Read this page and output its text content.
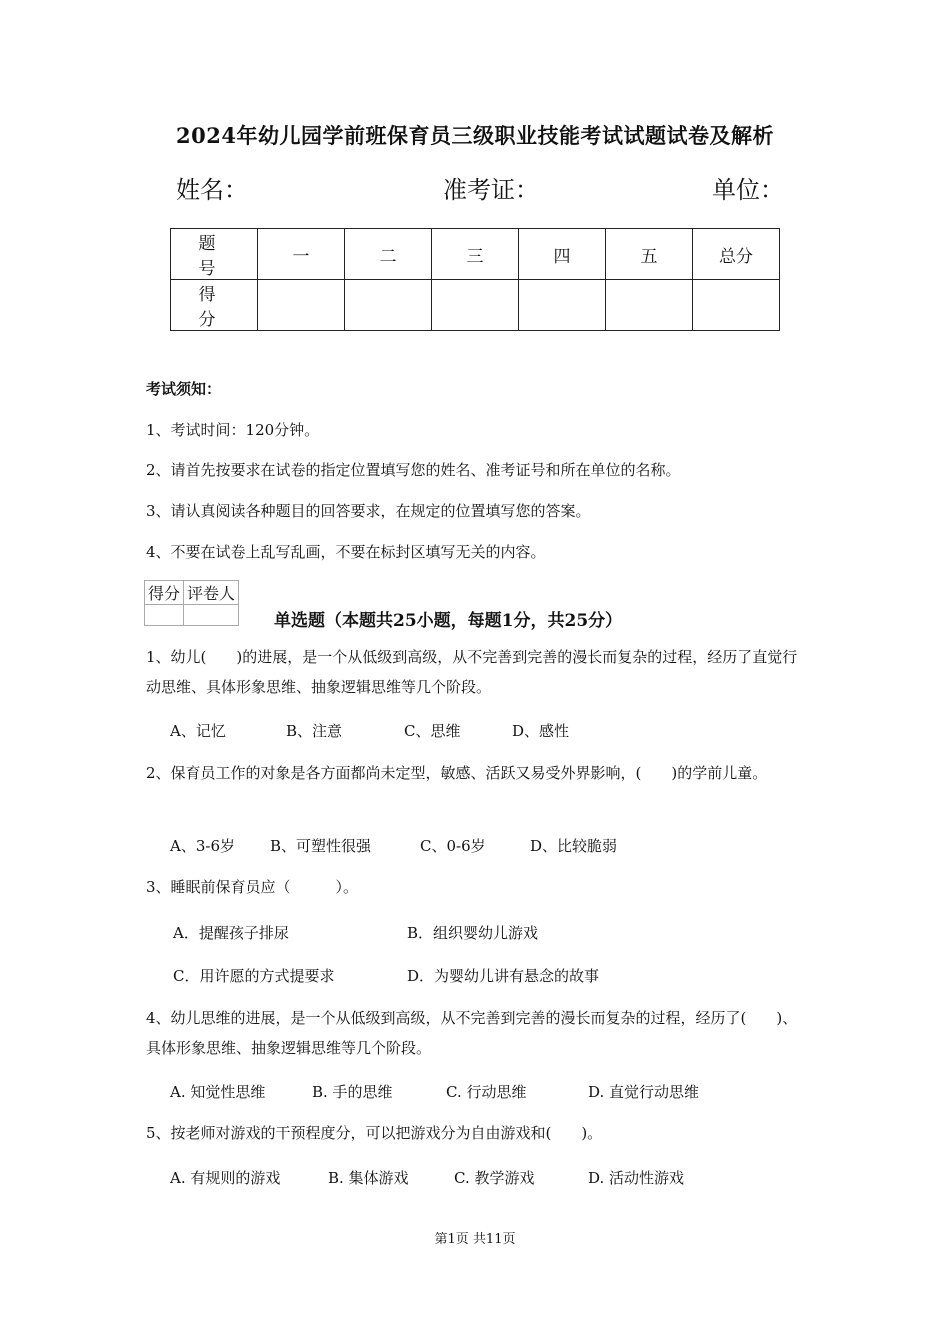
2024年幼儿园学前班保育员三级职业技能考试试题试卷及解析
姓名：	准考证：	单位：
题　号	一	二	三	四	五	总分
得　分						
考试须知：
1、考试时间：120分钟。
2、请首先按要求在试卷的指定位置填写您的姓名、准考证号和所在单位的名称。
3、请认真阅读各种题目的回答要求，在规定的位置填写您的答案。
4、不要在试卷上乱写乱画，不要在标封区填写无关的内容。
得分	评卷人

单选题（本题共25小题，每题1分，共25分）
1、幼儿(　　)的进展，是一个从低级到高级，从不完善到完善的漫长而复杂的过程，经历了直觉行动思维、具体形象思维、抽象逻辑思维等几个阶段。
A、记忆	B、注意	C、思维	D、感性
2、保育员工作的对象是各方面都尚未定型，敏感、活跃又易受外界影响，(　　)的学前儿童。
A、3-6岁 B、可塑性很强	C、0-6岁	D、比较脆弱
3、睡眠前保育员应（　　　）。
A．提醒孩子排尿	B．组织婴幼儿游戏
C．用许愿的方式提要求	D．为婴幼儿讲有悬念的故事
4、幼儿思维的进展，是一个从低级到高级，从不完善到完善的漫长而复杂的过程，经历了(　　)、具体形象思维、抽象逻辑思维等几个阶段。
A. 知觉性思维	B. 手的思维	C. 行动思维	D. 直觉行动思维
5、按老师对游戏的干预程度分，可以把游戏分为自由游戏和(　　)。
A. 有规则的游戏	B. 集体游戏	C. 教学游戏	D. 活动性游戏
第1页 共11页
